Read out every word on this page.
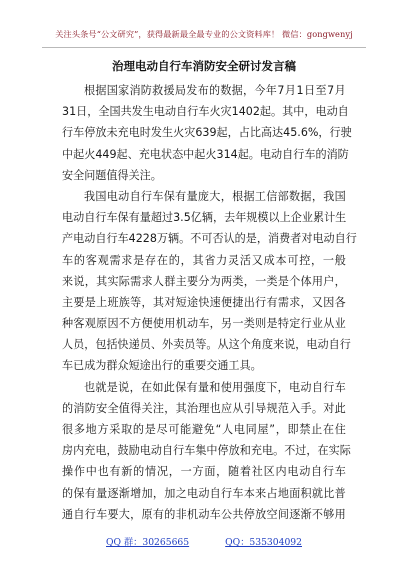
关注头条号“公文研究”，获得最新最全最专业的公文资料库！ 微信：gongwenyj
治理电动自行车消防安全研讨发言稿
根 据 国 家 消 防 救 援 局 发 布 的 数 据 ， 今 年 7 月 1 日 至 7 月
3 1 日 ， 全 国 共 发 生 电 动 自 行 车 火 灾 1 4 0 2 起 。 其 中 ， 电 动 自
行 车 停 放 未 充 电 时 发 生 火 灾 6 3 9 起 ， 占 比 高 达 4 5 . 6 % ， 行 驶
中 起 火 4 4 9 起 、 充 电 状 态 中 起 火 3 1 4 起 。 电 动 自 行 车 的 消 防
安全问题值得关注。
我 国 电 动 自 行 车 保 有 量 庞 大 ， 根 据 工 信 部 数 据 ， 我 国
电 动 自 行 车 保 有 量 超 过 3 . 5 亿 辆 ， 去 年 规 模 以 上 企 业 累 计 生
产 电 动 自 行 车 4 2 2 8 万 辆 。 不 可 否 认 的 是 ， 消 费 者 对 电 动 自 行
车 的 客 观 需 求 是 存 在 的 ， 其 省 力 灵 活 又 成 本 可 控 ， 一 般
来 说 ， 其 实 际 需 求 人 群 主 要 分 为 两 类 ， 一 类 是 个 体 用 户 ，
主 要 是 上 班 族 等 ， 其 对 短 途 快 速 便 捷 出 行 有 需 求 ， 又 因 各
种 客 观 原 因 不 方 便 使 用 机 动 车 ， 另 一 类 则 是 特 定 行 业 从 业
人 员 ， 包 括 快 递 员 、 外 卖 员 等 。 从 这 个 角 度 来 说 ， 电 动 自 行
车已成为群众短途出行的重要交通工具。
也 就 是 说 ， 在 如 此 保 有 量 和 使 用 强 度 下 ， 电 动 自 行 车
的 消 防 安 全 值 得 关 注 ， 其 治 理 也 应 从 引 导 规 范 入 手 。 对 此
很 多 地 方 采 取 的 是 尽 可 能 避 免 “ 人 电 同 屋 ” ， 即 禁 止 在 住
房 内 充 电 ， 鼓 励 电 动 自 行 车 集 中 停 放 和 充 电 。 不 过 ， 在 实 际
操 作 中 也 有 新 的 情 况 ， 一 方 面 ， 随 着 社 区 内 电 动 自 行 车
的 保 有 量 逐 渐 增 加 ， 加 之 电 动 自 行 车 本 来 占 地 面 积 就 比 普
通 自 行 车 要 大 ， 原 有 的 非 机 动 车 公 共 停 放 空 间 逐 渐 不 够 用
QQ 群：30265665	QQ：535304092
